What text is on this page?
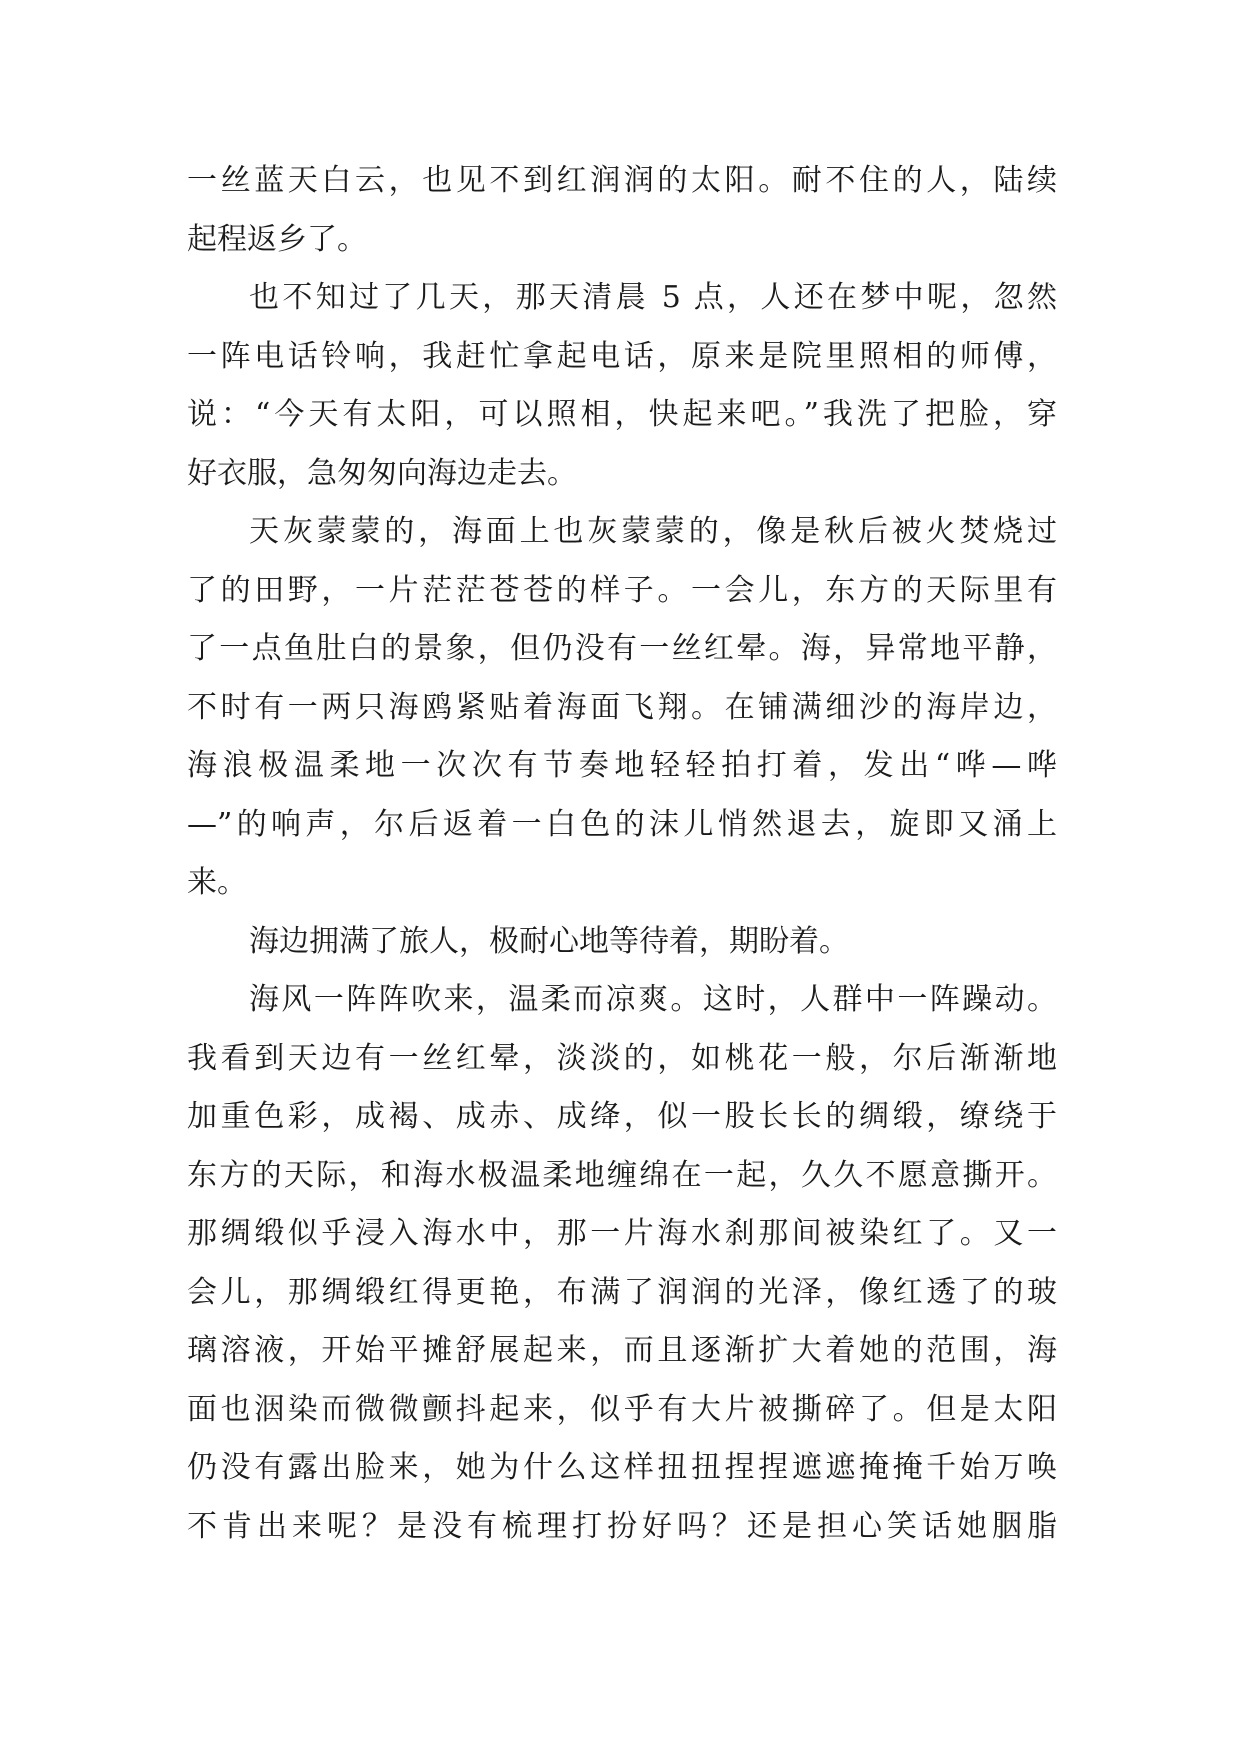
一丝蓝天白云，也见不到红润润的太阳。耐不住的人，陆续
起程返乡了。
也不知过了几天，那天清晨 5 点，人还在梦中呢，忽然
一阵电话铃响，我赶忙拿起电话，原来是院里照相的师傅，
说：“今天有太阳，可以照相，快起来吧。”我洗了把脸，穿
好衣服，急匆匆向海边走去。
天灰蒙蒙的，海面上也灰蒙蒙的，像是秋后被火焚烧过
了的田野，一片茫茫苍苍的样子。一会儿，东方的天际里有
了一点鱼肚白的景象，但仍没有一丝红晕。海，异常地平静，
不时有一两只海鸥紧贴着海面飞翔。在铺满细沙的海岸边，
海浪极温柔地一次次有节奏地轻轻拍打着，发出“哗—哗
—”的响声，尔后返着一白色的沫儿悄然退去，旋即又涌上
来。
海边拥满了旅人，极耐心地等待着，期盼着。
海风一阵阵吹来，温柔而凉爽。这时，人群中一阵躁动。
我看到天边有一丝红晕，淡淡的，如桃花一般，尔后渐渐地
加重色彩，成褐、成赤、成绛，似一股长长的绸缎，缭绕于
东方的天际，和海水极温柔地缠绵在一起，久久不愿意撕开。
那绸缎似乎浸入海水中，那一片海水刹那间被染红了。又一
会儿，那绸缎红得更艳，布满了润润的光泽，像红透了的玻
璃溶液，开始平摊舒展起来，而且逐渐扩大着她的范围，海
面也洇染而微微颤抖起来，似乎有大片被撕碎了。但是太阳
仍没有露出脸来，她为什么这样扭扭捏捏遮遮掩掩千始万唤
不肯出来呢？是没有梳理打扮好吗？还是担心笑话她胭脂
